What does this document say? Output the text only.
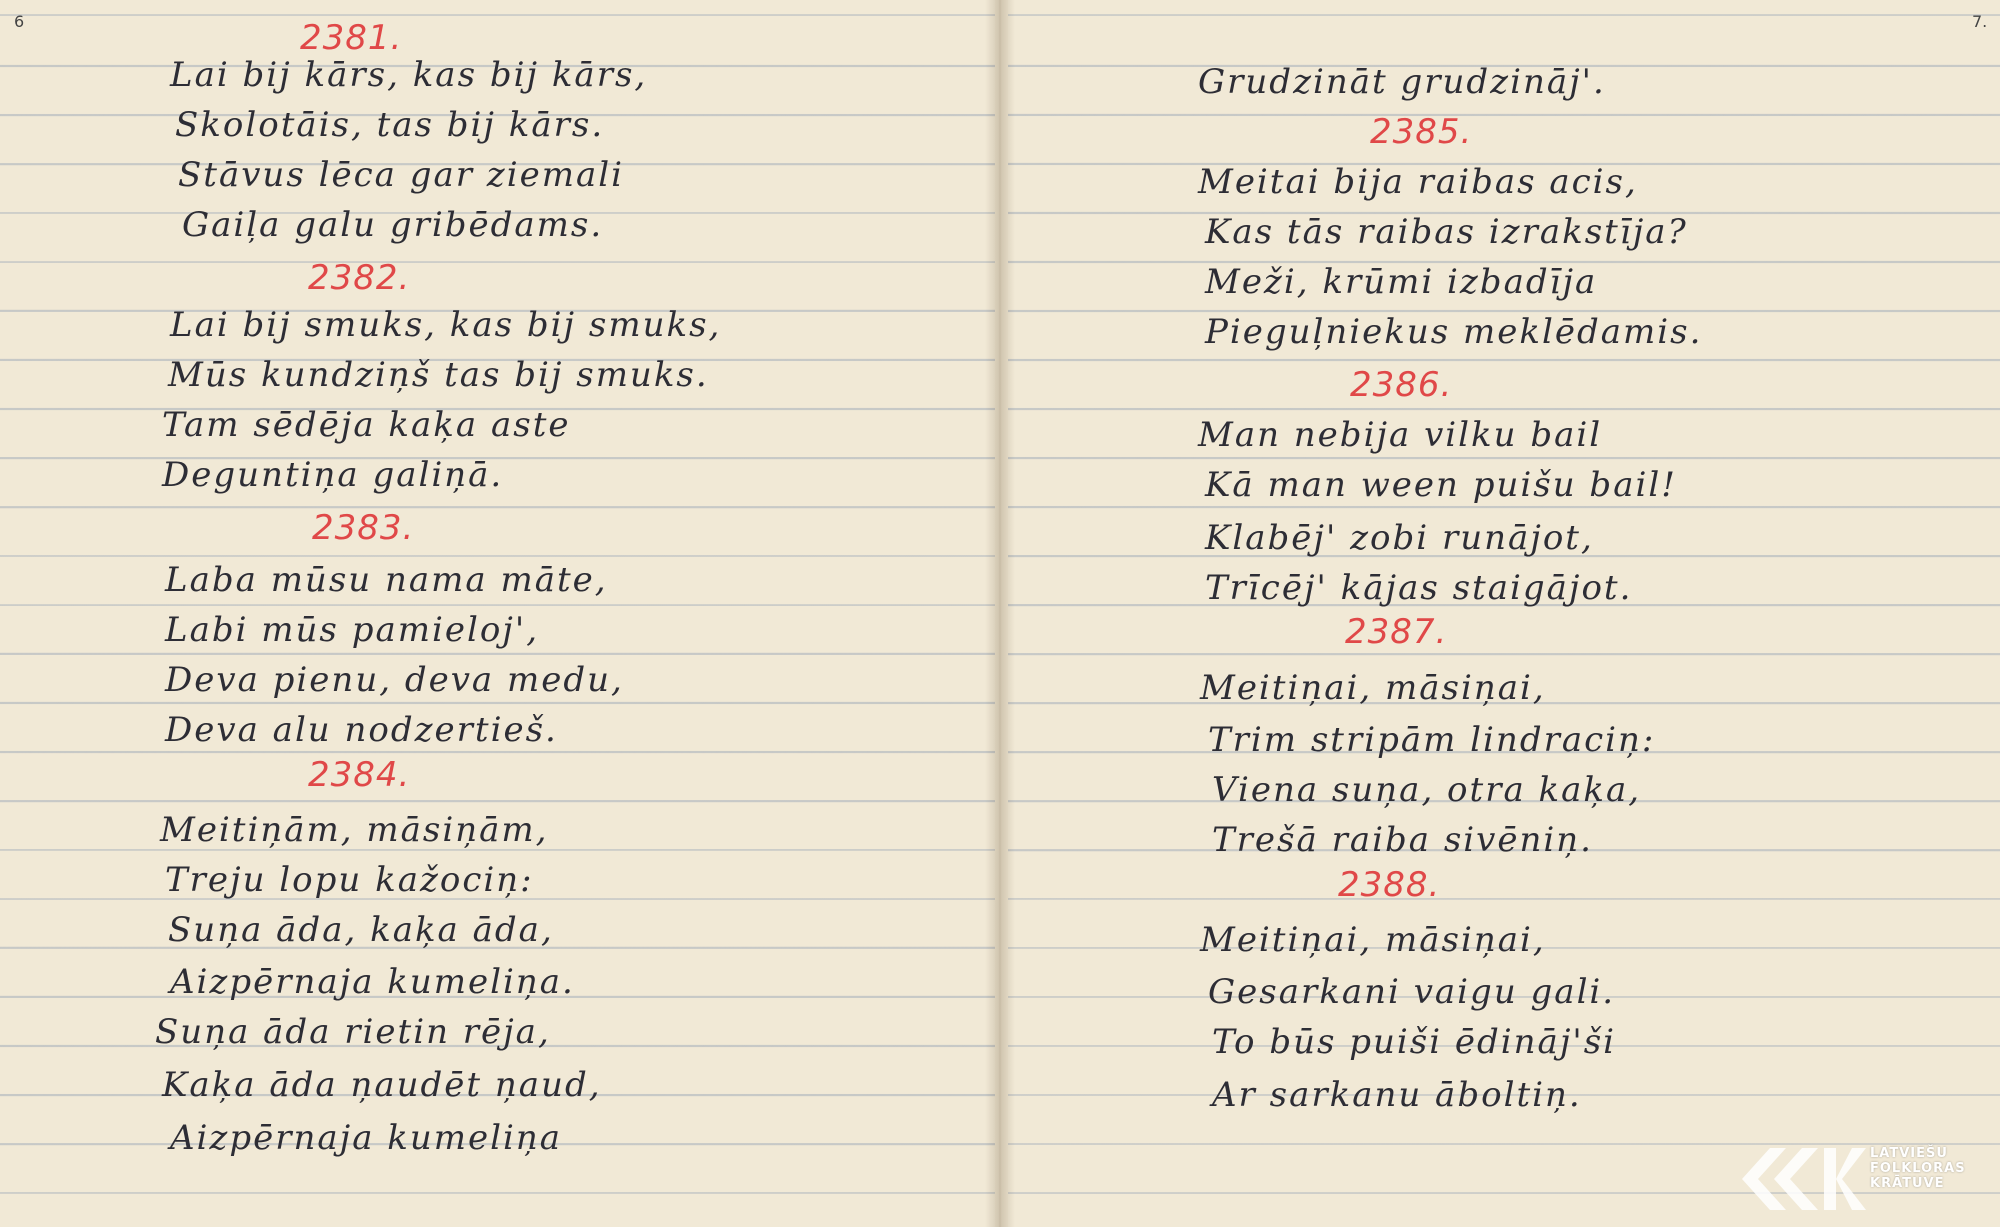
6	2381.
Lai bij kārs, kas bij kārs,
Skolotāis, tas bij kārs.
Stāvus lēca gar ziemali
Gaiļa galu gribēdams.
2382.
Lai bij smuks, kas bij smuks,
Mūs kundziņš tas bij smuks.
Tam sēdēja kaķa aste
Deguntiņa galiņā.
2383.
Laba mūsu nama māte,
Labi mūs pamieloj',
Deva pienu, deva medu,
Deva alu nodzertieš.
2384.
Meitiņām, māsiņām,
Treju lopu kažociņ:
Suņa āda, kaķa āda,
Aizpērnaja kumeliņa.
Suņa āda rietin rēja,
Kaķa āda ņaudēt ņaud,
Aizpērnaja kumeliņa
7.
Grudzināt grudzināj'.
2385.
Meitai bija raibas acis,
Kas tās raibas izrakstīja?
Meži, krūmi izbadīja
Pieguļniekus meklēdamis.
2386.
Man nebija vilku bail
Kā man ween puišu bail!
Klabēj' zobi runājot,
Trīcēj' kājas staigājot.
2387.
Meitiņai, māsiņai,
Trim stripām lindraciņ:
Viena suņa, otra kaķa,
Trešā raiba sivēniņ.
2388.
Meitiņai, māsiņai,
Gesarkani vaigu gali.
To būs puiši ēdināj'ši
Ar sarkanu āboltiņ.
LATVIEŠU
FOLKLORAS
KRĀTUVE
